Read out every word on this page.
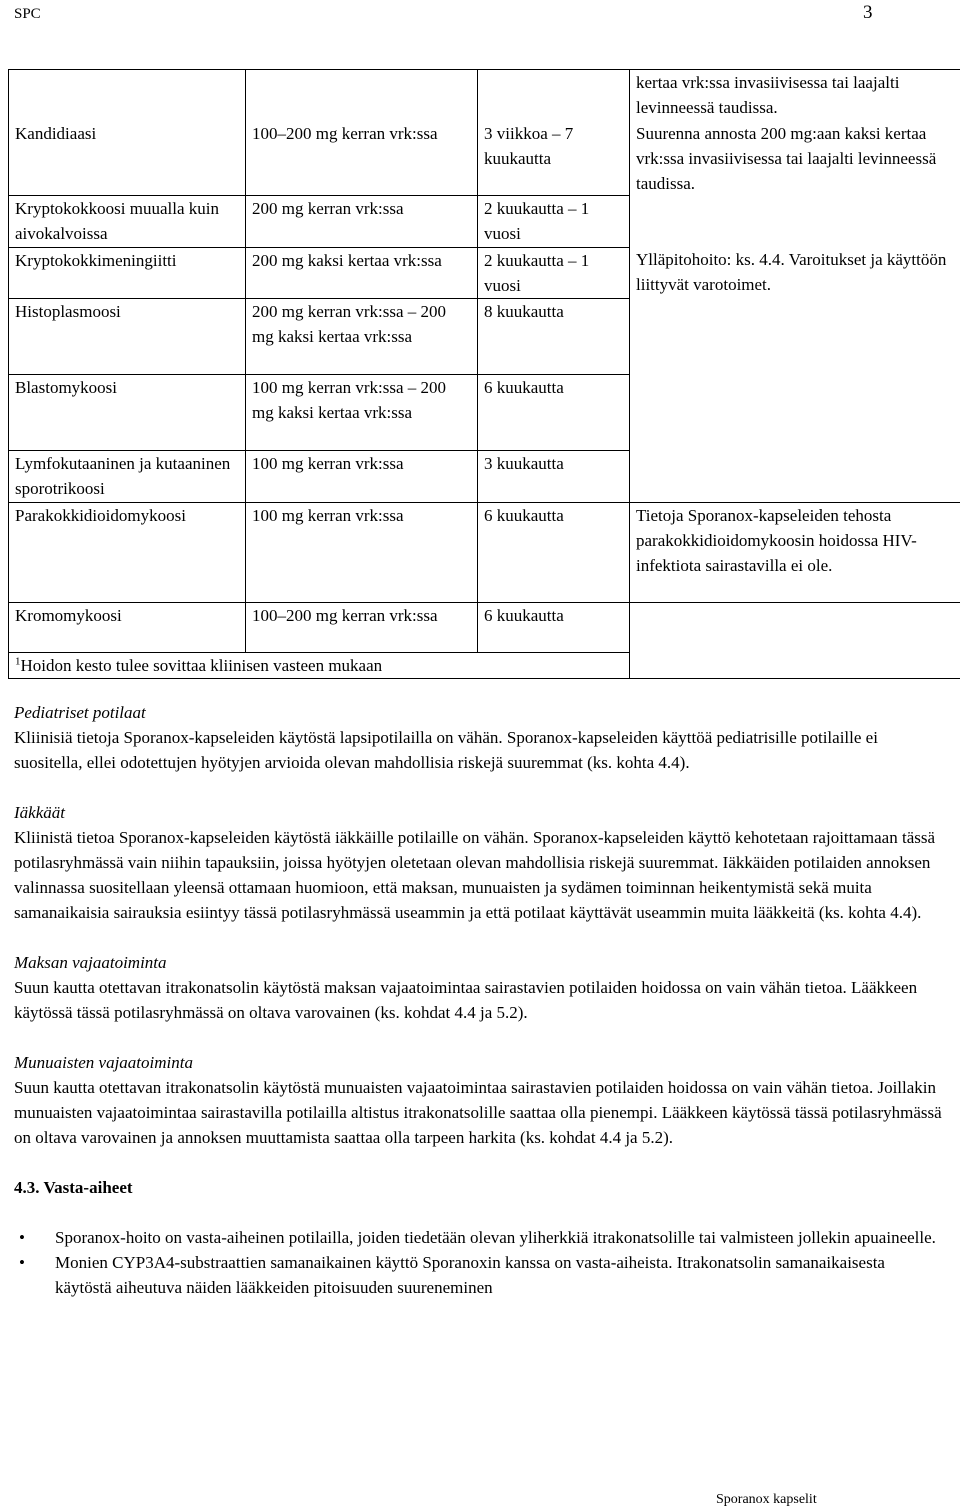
SPC	3
Kandidiaasi	100–200 mg kerran vrk:ssa	3 viikkoa – 7 kuukautta	kertaa vrk:ssa invasiivisessa tai laajalti levinneessä taudissa.
Suurenna annosta 200 mg:aan kaksi kertaa vrk:ssa invasiivisessa tai laajalti levinneessä taudissa.
Kryptokokkoosi muualla kuin aivokalvoissa	200 mg kerran vrk:ssa	2 kuukautta – 1 vuosi	
Kryptokokkimeningiitti	200 mg kaksi kertaa vrk:ssa	2 kuukautta – 1 vuosi	Ylläpitohoito: ks. 4.4. Varoitukset ja käyttöön liittyvät varotoimet.
Histoplasmoosi	200 mg kerran vrk:ssa – 200 mg kaksi kertaa vrk:ssa	8 kuukautta	
Blastomykoosi	100 mg kerran vrk:ssa – 200 mg kaksi kertaa vrk:ssa	6 kuukautta	
Lymfokutaaninen ja kutaaninen sporotrikoosi	100 mg kerran vrk:ssa	3 kuukautta	
Parakokkidioidomykoosi	100 mg kerran vrk:ssa	6 kuukautta	Tietoja Sporanox-kapseleiden tehosta parakokkidioidomykoosin hoidossa HIV-infektiota sairastavilla ei ole.
Kromomykoosi	100–200 mg kerran vrk:ssa	6 kuukautta	
$^1$Hoidon kesto tulee sovittaa kliinisen vasteen mukaan			
Pediatriset potilaat
Kliinisiä tietoja Sporanox-kapseleiden käytöstä lapsipotilailla on vähän. Sporanox-kapseleiden käyttöä pediatrisille potilaille ei suositella, ellei odotettujen hyötyjen arvioida olevan mahdollisia riskejä suuremmat (ks. kohta 4.4).
Iäkkäät
Kliinistä tietoa Sporanox-kapseleiden käytöstä iäkkäille potilaille on vähän. Sporanox-kapseleiden käyttö kehotetaan rajoittamaan tässä potilasryhmässä vain niihin tapauksiin, joissa hyötyjen oletetaan olevan mahdollisia riskejä suuremmat. Iäkkäiden potilaiden annoksen valinnassa suositellaan yleensä ottamaan huomioon, että maksan, munuaisten ja sydämen toiminnan heikentymistä sekä muita samanaikaisia sairauksia esiintyy tässä potilasryhmässä useammin ja että potilaat käyttävät useammin muita lääkkeitä (ks. kohta 4.4).
Maksan vajaatoiminta
Suun kautta otettavan itrakonatsolin käytöstä maksan vajaatoimintaa sairastavien potilaiden hoidossa on vain vähän tietoa. Lääkkeen käytössä tässä potilasryhmässä on oltava varovainen (ks. kohdat 4.4 ja 5.2).
Munuaisten vajaatoiminta
Suun kautta otettavan itrakonatsolin käytöstä munuaisten vajaatoimintaa sairastavien potilaiden hoidossa on vain vähän tietoa. Joillakin munuaisten vajaatoimintaa sairastavilla potilailla altistus itrakonatsolille saattaa olla pienempi. Lääkkeen käytössä tässä potilasryhmässä on oltava varovainen ja annoksen muuttamista saattaa olla tarpeen harkita (ks. kohdat 4.4 ja 5.2).
4.3. Vasta-aiheet
• Sporanox-hoito on vasta-aiheinen potilailla, joiden tiedetään olevan yliherkkiä itrakonatsolille tai valmisteen jollekin apuaineelle.
• Monien CYP3A4-substraattien samanaikainen käyttö Sporanoxin kanssa on vasta-aiheista. Itrakonatsolin samanaikaisesta käytöstä aiheutuva näiden lääkkeiden pitoisuuden suureneminen
Sporanox kapselit
